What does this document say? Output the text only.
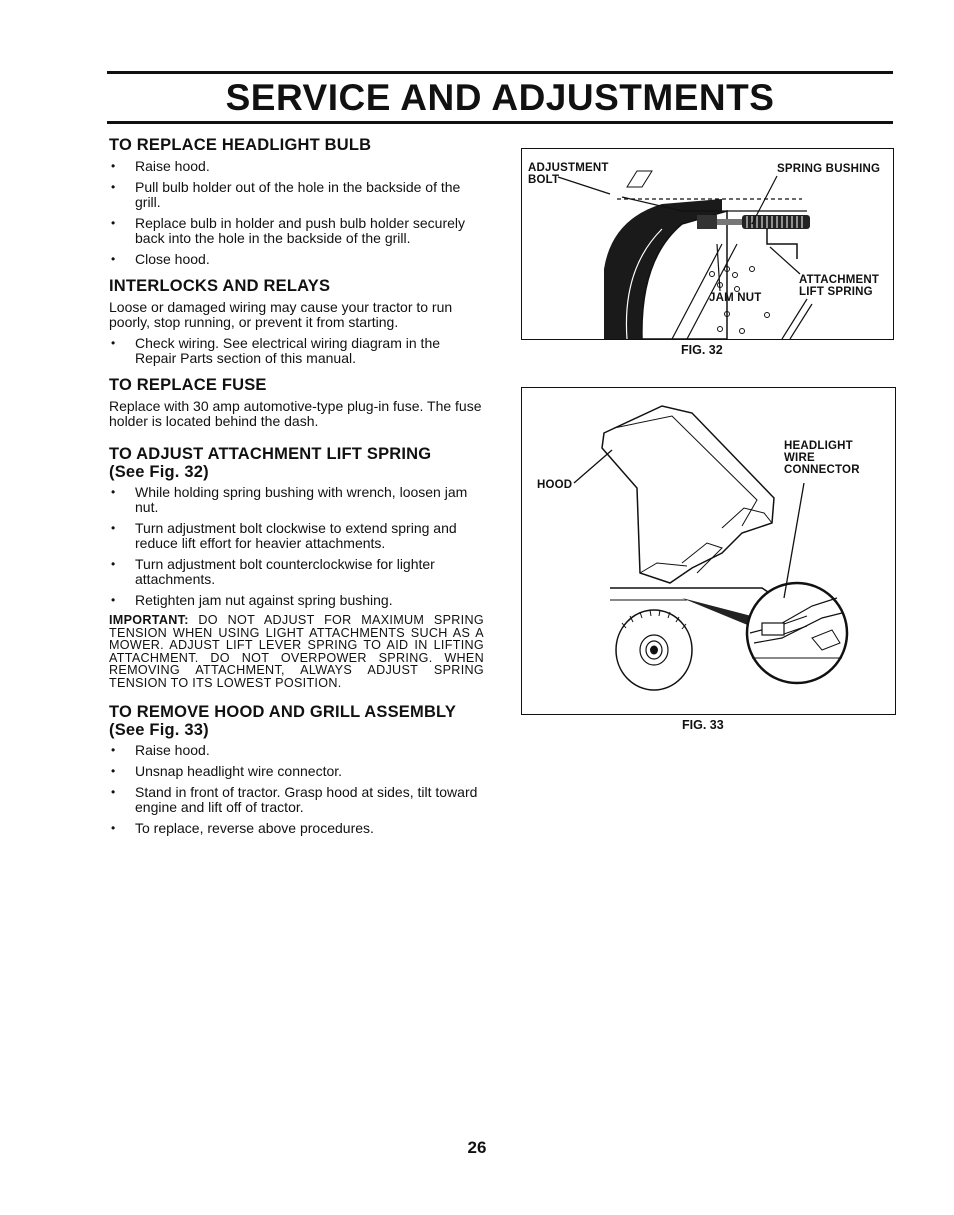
SERVICE AND ADJUSTMENTS
TO REPLACE HEADLIGHT BULB
• Raise hood.
• Pull bulb holder out of the hole in the backside of the grill.
• Replace bulb in holder and push bulb holder securely back into the hole in the backside of the grill.
• Close hood.
INTERLOCKS AND RELAYS

Loose or damaged wiring may cause your tractor to run poorly, stop running, or prevent it from starting.

• Check wiring. See electrical wiring diagram in the Repair Parts section of this manual.
TO REPLACE FUSE

Replace with 30 amp automotive-type plug-in fuse. The fuse holder is located behind the dash.

TO ADJUST ATTACHMENT LIFT SPRING
(See Fig. 32)
• While holding spring bushing with wrench, loosen jam nut.
• Turn adjustment bolt clockwise to extend spring and reduce lift effort for heavier attachments.
• Turn adjustment bolt counterclockwise for lighter attachments.
• Retighten jam nut against spring bushing.

IMPORTANT: DO NOT ADJUST FOR MAXIMUM SPRING TENSION WHEN USING LIGHT ATTACHMENTS SUCH AS A MOWER. ADJUST LIFT LEVER SPRING TO AID IN LIFTING ATTACHMENT. DO NOT OVERPOWER SPRING. WHEN REMOVING ATTACHMENT, ALWAYS ADJUST SPRING TENSION TO ITS LOWEST POSITION.

TO REMOVE HOOD AND GRILL ASSEMBLY
(See Fig. 33)
• Raise hood.
• Unsnap headlight wire connector.
• Stand in front of tractor. Grasp hood at sides, tilt toward engine and lift off of tractor.
• To replace, reverse above procedures.
ADJUSTMENT
BOLT
SPRING BUSHING
JAM NUT
ATTACHMENT
LIFT SPRING
FIG. 32
HOOD
HEADLIGHT
WIRE
CONNECTOR
FIG. 33
26
